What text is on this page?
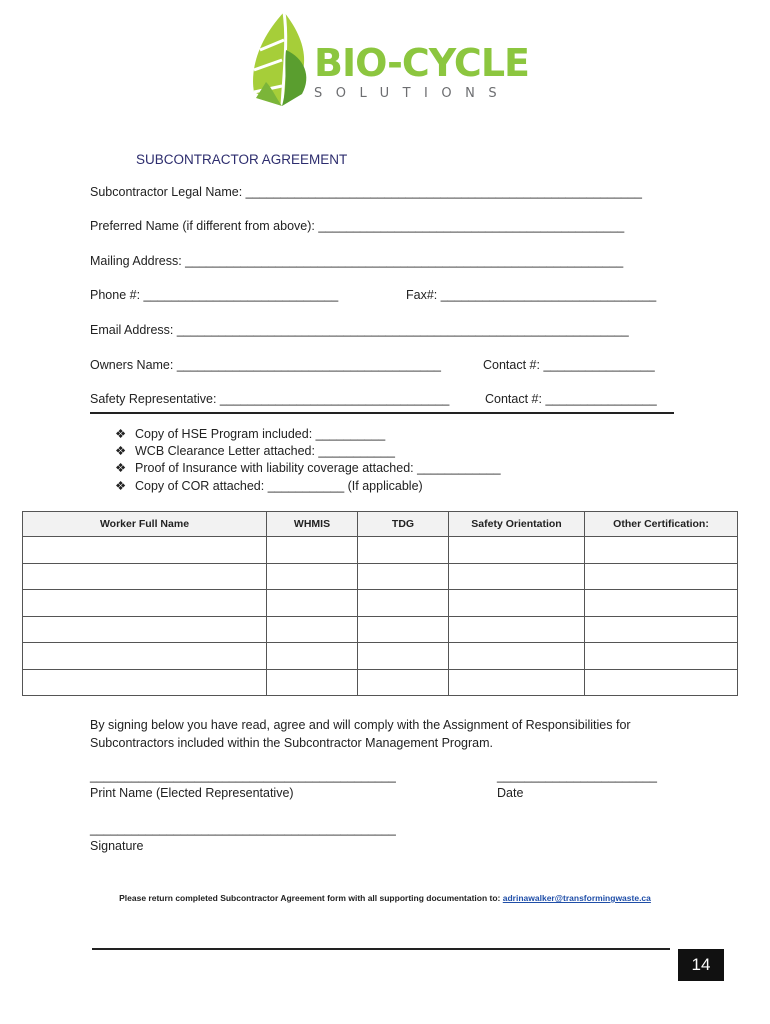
BIO-CYCLE
SOLUTIONS
SUBCONTRACTOR AGREEMENT
Subcontractor Legal Name: _________________________________________________________
Preferred Name (if different from above): ____________________________________________
Mailing Address: _______________________________________________________________
Phone #: ____________________________	Fax#: _______________________________
Email Address: _________________________________________________________________
Owners Name: ______________________________________	Contact #: ________________
Safety Representative: _________________________________	Contact #: ________________
❖ Copy of HSE Program included: __________
❖ WCB Clearance Letter attached: ___________
❖ Proof of Insurance with liability coverage attached: ____________
❖ Copy of COR attached: ___________ (If applicable)
Worker Full Name	WHMIS	TDG	Safety Orientation	Other Certification:

By signing below you have read, agree and will comply with the Assignment of Responsibilities for Subcontractors included within the Subcontractor Management Program.
____________________________________________	_______________________
Print Name (Elected Representative)	Date
____________________________________________
Signature
Please return completed Subcontractor Agreement form with all supporting documentation to: adrinawalker@transformingwaste.ca
14
